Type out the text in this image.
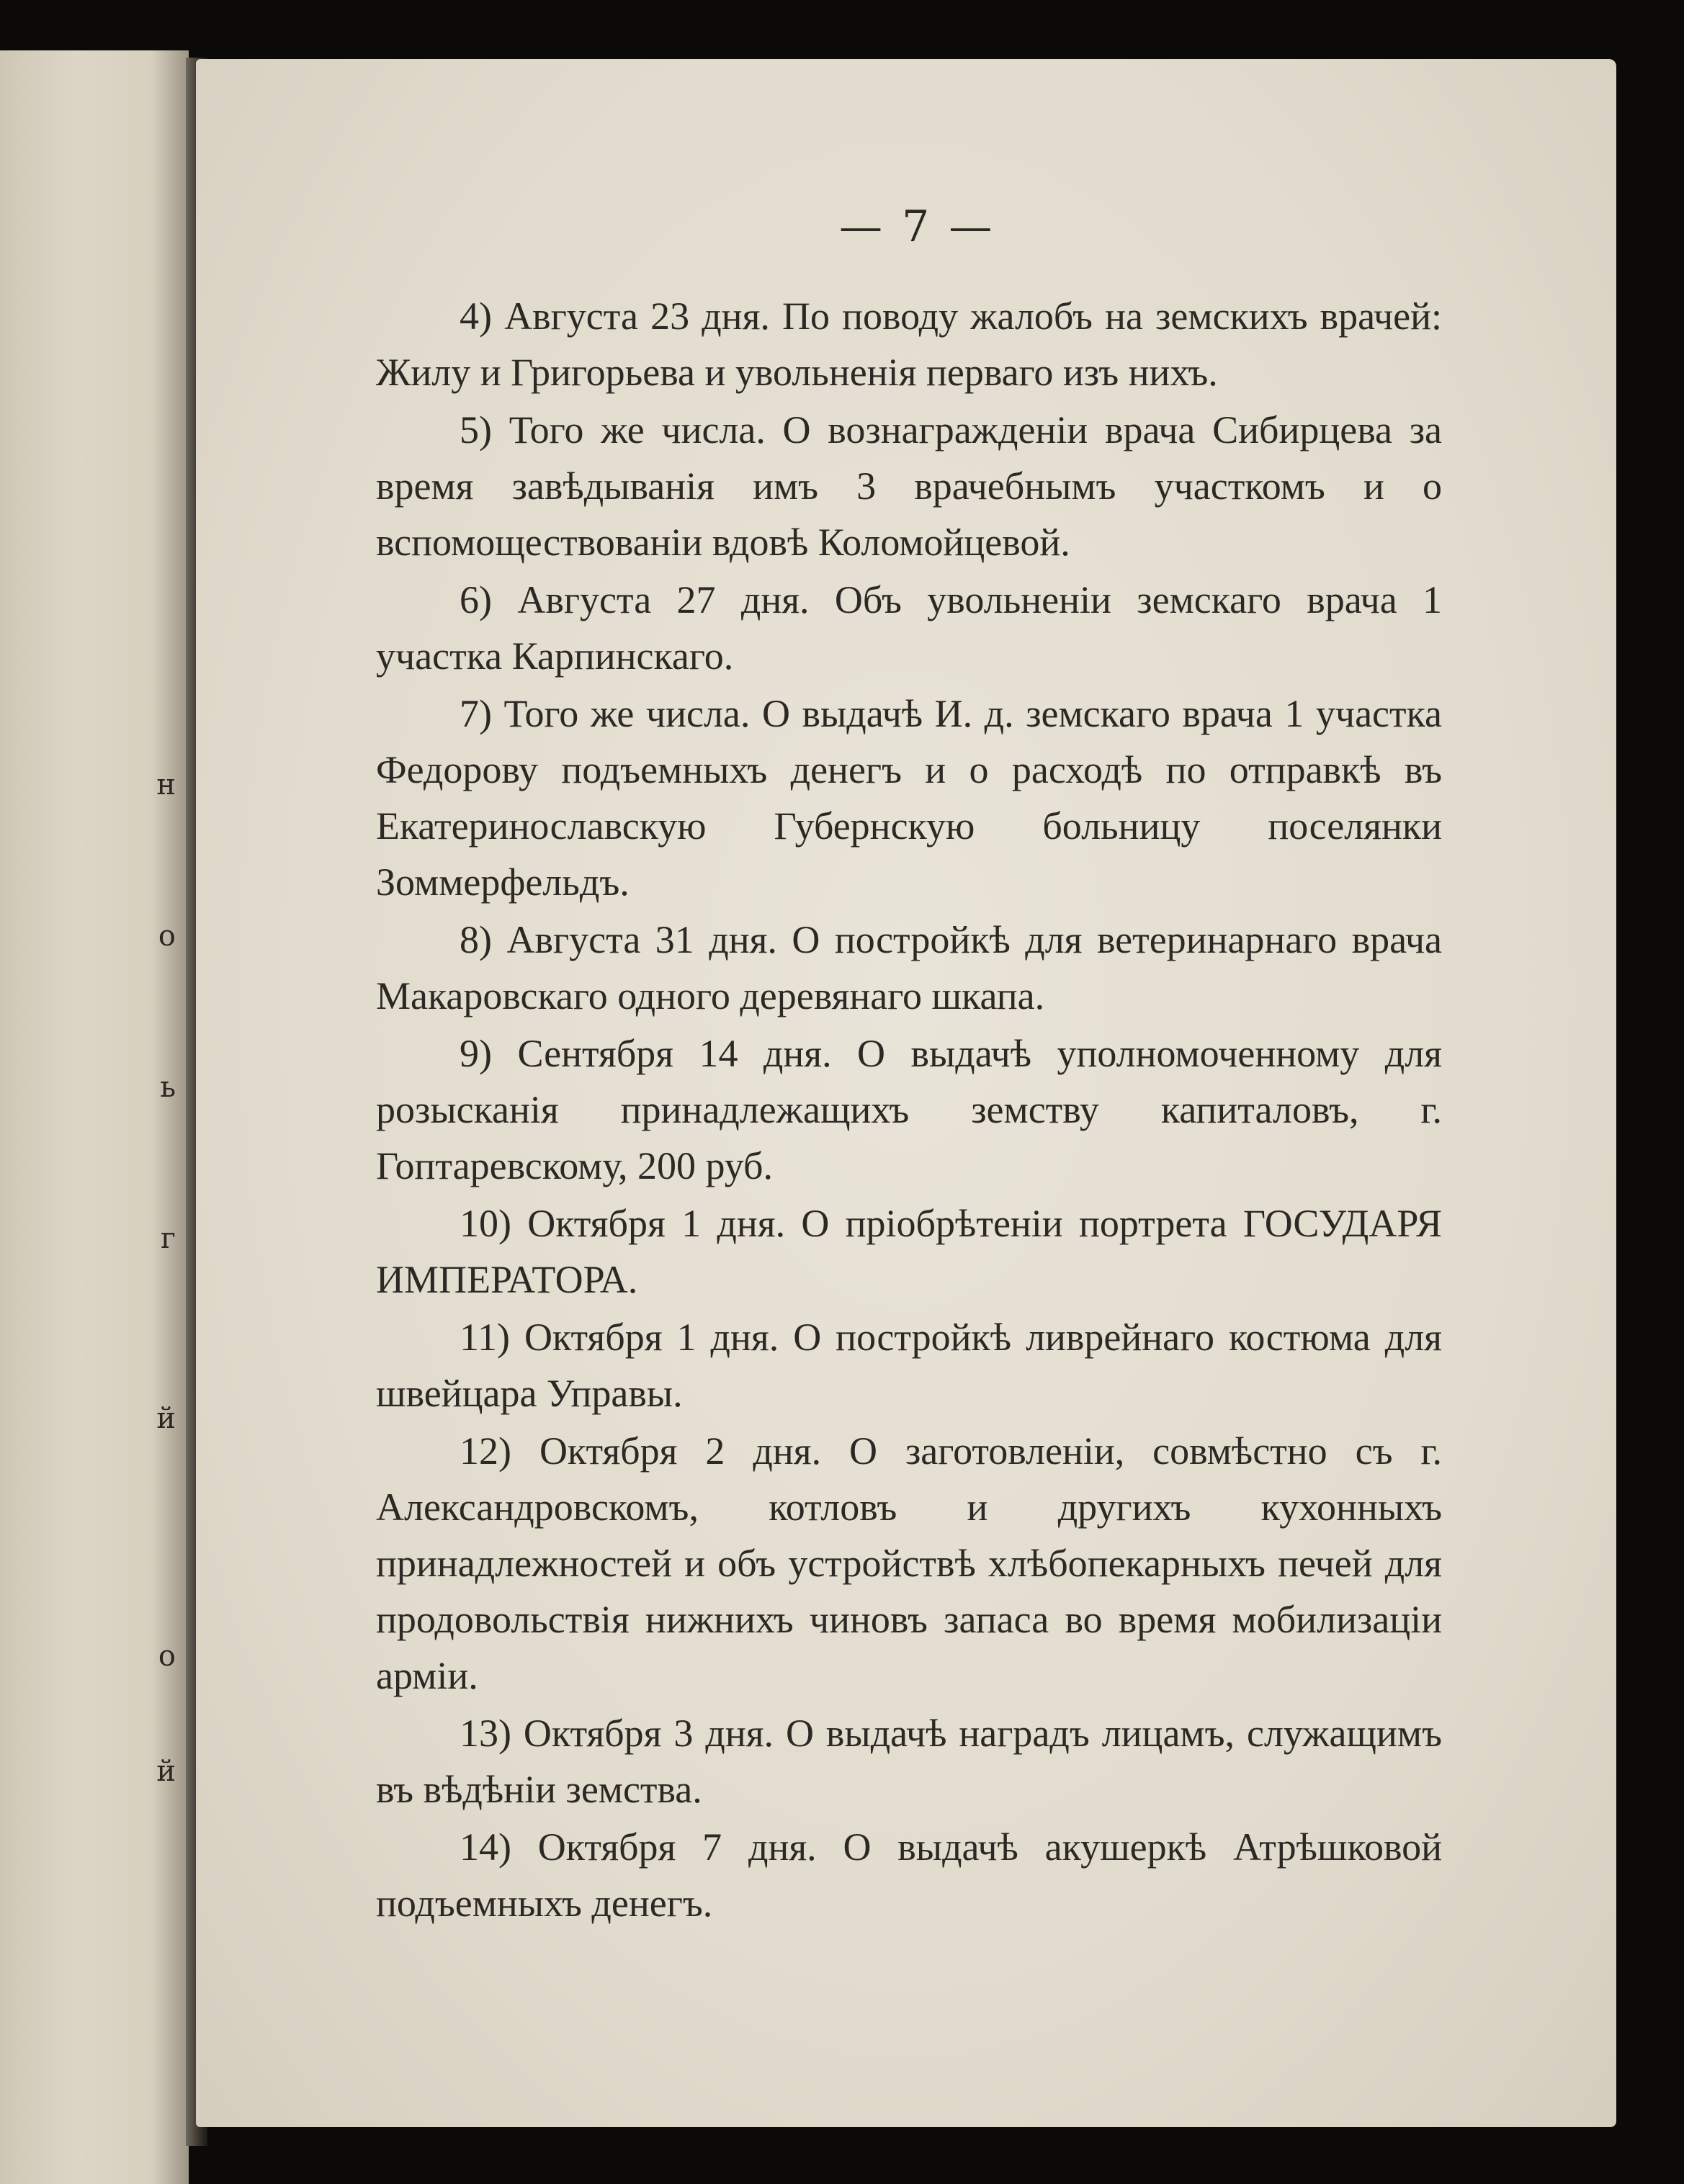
н
о
ь
г
й
о
й
— 7 —

4) Августа 23 дня. По поводу жалобъ на земскихъ врачей: Жилу и Григорьева и увольненія перваго изъ нихъ.

5) Того же числа. О вознагражденіи врача Сибирцева за время завѣдыванія имъ 3 врачебнымъ участкомъ и о вспомоществованіи вдовѣ Коломойцевой.

6) Августа 27 дня. Объ увольненіи земскаго врача 1 участка Карпинскаго.

7) Того же числа. О выдачѣ И. д. земскаго врача 1 участка Федорову подъемныхъ денегъ и о расходѣ по отправкѣ въ Екатеринославскую Губернскую больницу поселянки Зоммерфельдъ.

8) Августа 31 дня. О постройкѣ для ветеринарнаго врача Макаровскаго одного деревянаго шкапа.

9) Сентября 14 дня. О выдачѣ уполномоченному для розысканія принадлежащихъ земству капиталовъ, г. Гоптаревскому, 200 руб.

10) Октября 1 дня. О пріобрѣтеніи портрета ГОСУДАРЯ ИМПЕРАТОРА.

11) Октября 1 дня. О постройкѣ ливрейнаго костюма для швейцара Управы.

12) Октября 2 дня. О заготовленіи, совмѣстно съ г. Александровскомъ, котловъ и другихъ кухонныхъ принадлежностей и объ устройствѣ хлѣбопекарныхъ печей для продовольствія нижнихъ чиновъ запаса во время мобилизаціи арміи.

13) Октября 3 дня. О выдачѣ наградъ лицамъ, служащимъ въ вѣдѣніи земства.

14) Октября 7 дня. О выдачѣ акушеркѣ Атрѣшковой подъемныхъ денегъ.
